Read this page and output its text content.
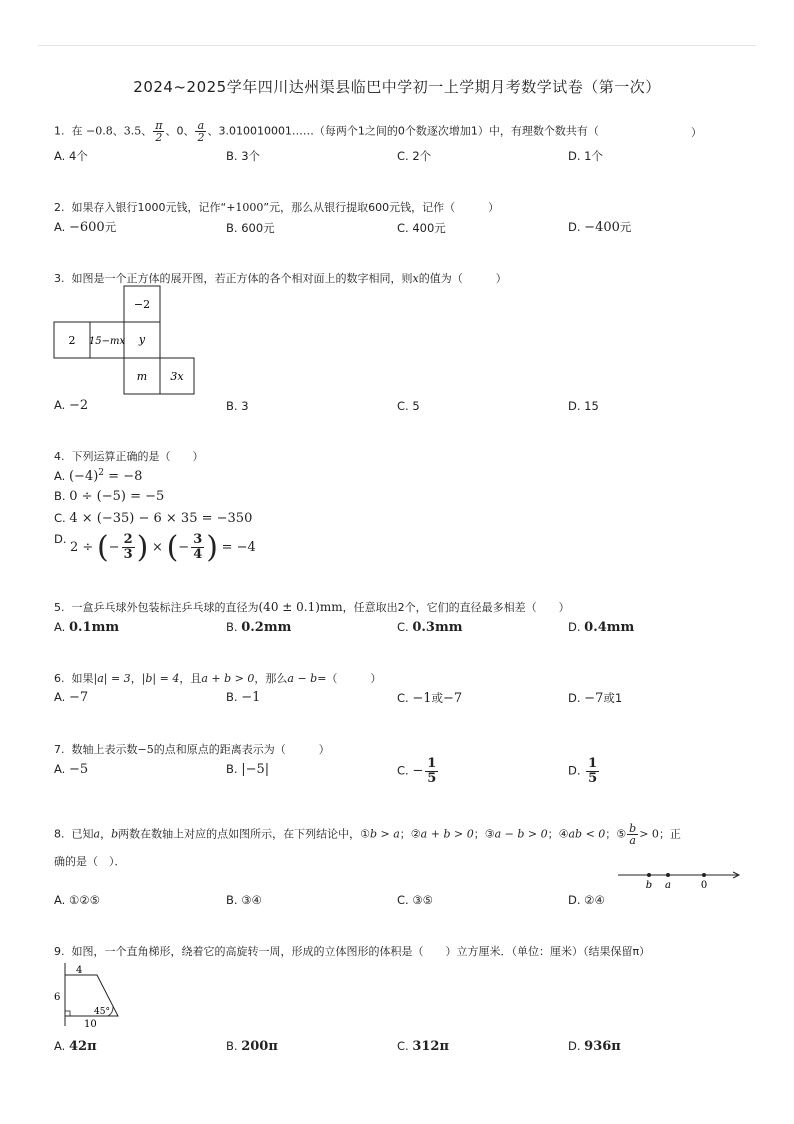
2024~2025学年四川达州渠县临巴中学初一上学期月考数学试卷（第一次）
1. 在 −0.8、3.5、 $\frac{\pi}{2}$ 、0、 $\frac{a}{2}$ 、3.010010001……（每两个1之间的0个数逐次增加1）中，有理数个数共有（	）
A. 4个	B. 3个	C. 2个	D. 1个
2. 如果存入银行1000元钱，记作“+1000”元，那么从银行提取600元钱，记作（　　　）
A. −600元	B. 600元	C. 400元	D. −400元
3. 如图是一个正方体的展开图，若正方体的各个相对面上的数字相同，则x的值为（　　　）
−2
2 15−mx y
m 3x
A. −2	B. 3	C. 5	D. 15
4. 下列运算正确的是（　　）
A. $(-4)^2 = -8$
B. 0 ÷ (−5) = −5
C. 4 × (−35) − 6 × 35 = −350
D.
2 ÷ (− $\frac{2}{3}$ ) × (− $\frac{3}{4}$ ) = −4
5. 一盒乒乓球外包装标注乒乓球的直径为(40 ± 0.1)mm，任意取出2个，它们的直径最多相差（　　）
A. 0.1mm	B. 0.2mm	C. 0.3mm	D. 0.4mm
6. 如果|a| = 3，|b| = 4，且a + b > 0，那么a − b=（　　　）
A. −7	B. −1	C. −1或−7	D. −7或1
7. 数轴上表示数−5的点和原点的距离表示为（　　　）
A. −5	B. |−5|	C. − $\frac{1}{5}$	D. $\frac{1}{5}$
8. 已知a，b两数在数轴上对应的点如图所示，在下列结论中，①b > a；②a + b > 0；③a − b > 0；④ab < 0；⑤ $\frac{b}{a} > 0$；正
确的是（　）．
b a	0
A. ①②⑤	B. ③④	C. ③⑤	D. ②④
9. 如图，一个直角梯形，绕着它的高旋转一周，形成的立体图形的体积是（　　）立方厘米．（单位：厘米）（结果保留π）
4
6
10
45°
A. 42π	B. 200π	C. 312π	D. 936π
